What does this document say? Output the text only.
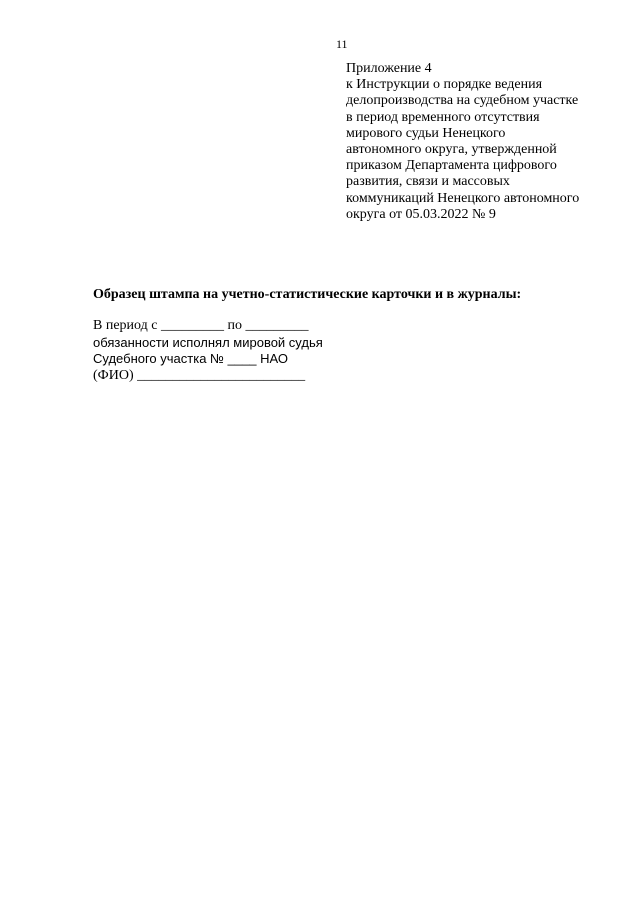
11
Приложение 4
к Инструкции о порядке ведения
делопроизводства на судебном участке
в период временного отсутствия
мирового судьи Ненецкого
автономного округа, утвержденной
приказом Департамента цифрового
развития, связи и массовых
коммуникаций Ненецкого автономного
округа от 05.03.2022 № 9
Образец штампа на учетно-статистические карточки и в журналы:
В период с _________ по _________
обязанности исполнял мировой судья
Судебного участка № ____ НАО
(ФИО) ________________________
